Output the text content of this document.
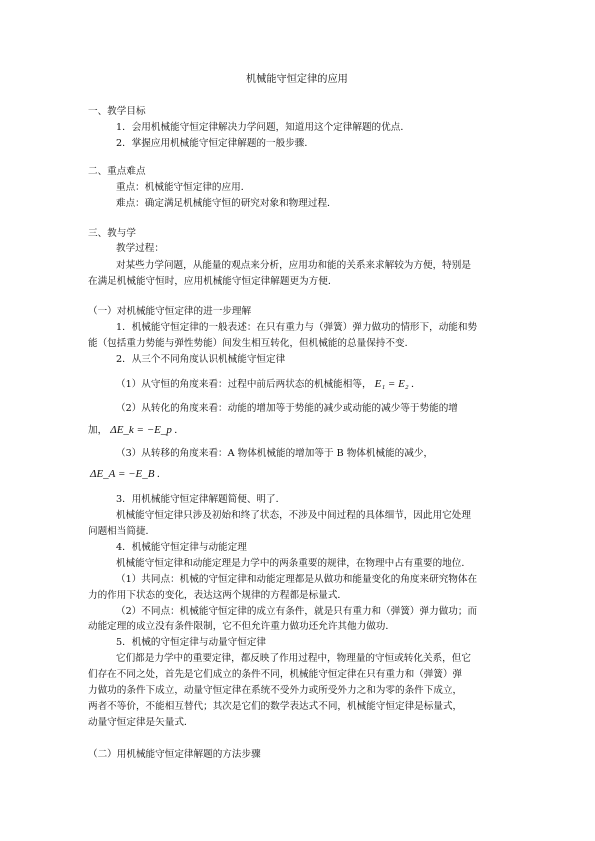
机械能守恒定律的应用

一、教学目标

1．会用机械能守恒定律解决力学问题，知道用这个定律解题的优点．

2．掌握应用机械能守恒定律解题的一般步骤．

二、重点难点

重点：机械能守恒定律的应用．

难点：确定满足机械能守恒的研究对象和物理过程．

三、教与学

教学过程：

对某些力学问题，从能量的观点来分析，应用功和能的关系来求解较为方便，特别是

在满足机械能守恒时，应用机械能守恒定律解题更为方便．

（一）对机械能守恒定律的进一步理解

1．机械能守恒定律的一般表述：在只有重力与（弹簧）弹力做功的情形下，动能和势

能（包括重力势能与弹性势能）间发生相互转化，但机械能的总量保持不变．

2．从三个不同角度认识机械能守恒定律

（1）从守恒的角度来看：过程中前后两状态的机械能相等， E₁ = E₂ .

（2）从转化的角度来看：动能的增加等于势能的减少或动能的减少等于势能的增

加， ΔE_k = −E_p .

（3）从转移的角度来看：A 物体机械能的增加等于 B 物体机械能的减少，

ΔE_A = −E_B .

3．用机械能守恒定律解题简便、明了．

机械能守恒定律只涉及初始和终了状态，不涉及中间过程的具体细节，因此用它处理

问题相当简捷．

4．机械能守恒定律与动能定理

机械能守恒定律和动能定理是力学中的两条重要的规律，在物理中占有重要的地位．

（1）共同点：机械的守恒定律和动能定理都是从做功和能量变化的角度来研究物体在

力的作用下状态的变化，表达这两个规律的方程都是标量式．

（2）不同点：机械能守恒定律的成立有条件，就是只有重力和（弹簧）弹力做功；而

动能定理的成立没有条件限制，它不但允许重力做功还允许其他力做功．

5．机械的守恒定律与动量守恒定律

它们都是力学中的重要定律，都反映了作用过程中，物理量的守恒或转化关系，但它

们存在不同之处，首先是它们成立的条件不同，机械能守恒定律在只有重力和（弹簧）弹

力做功的条件下成立，动量守恒定律在系统不受外力或所受外力之和为零的条件下成立，

两者不等价，不能相互替代；其次是它们的数学表达式不同，机械能守恒定律是标量式，

动量守恒定律是矢量式．

（二）用机械能守恒定律解题的方法步骤
